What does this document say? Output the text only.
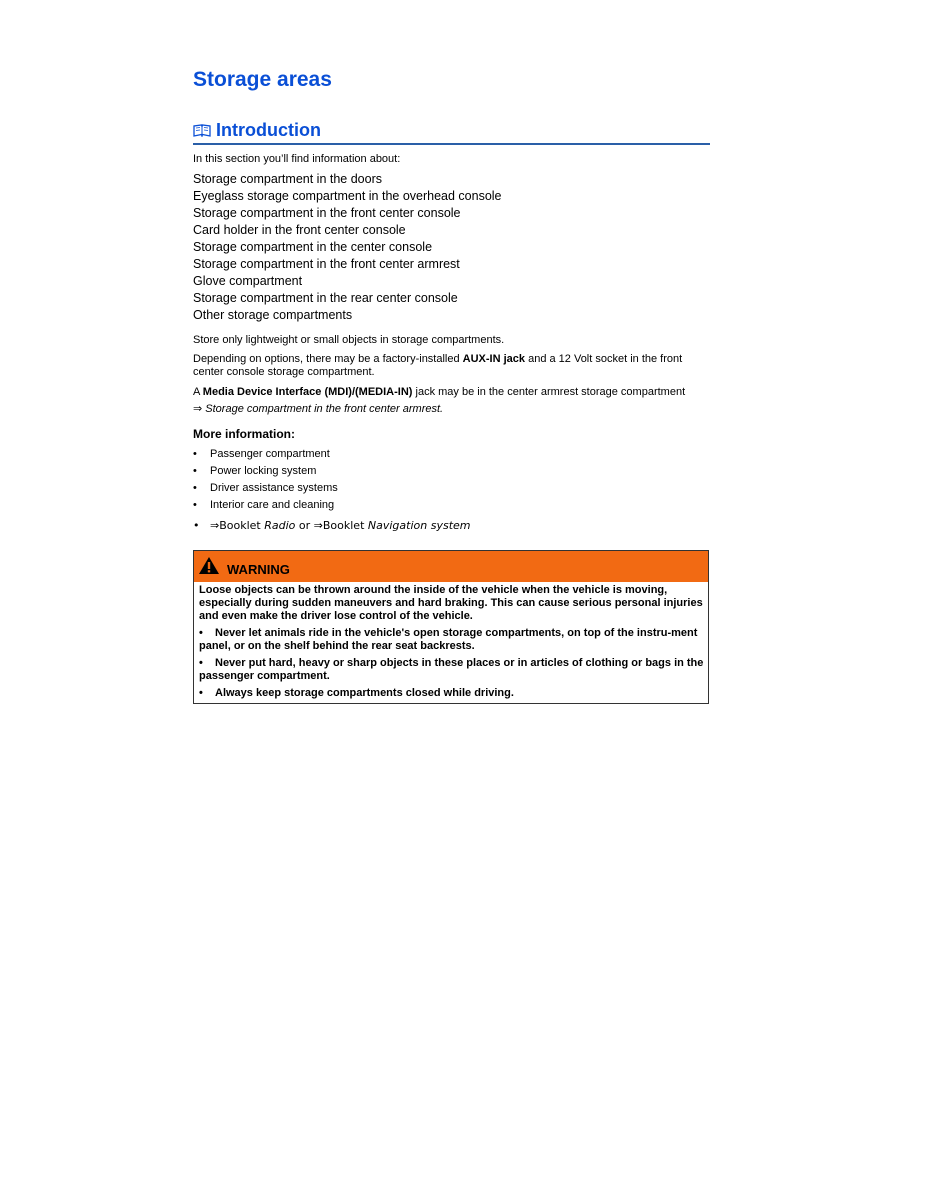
Storage areas
Introduction
In this section you’ll find information about:
Storage compartment in the doors
Eyeglass storage compartment in the overhead console
Storage compartment in the front center console
Card holder in the front center console
Storage compartment in the center console
Storage compartment in the front center armrest
Glove compartment
Storage compartment in the rear center console
Other storage compartments
Store only lightweight or small objects in storage compartments.
Depending on options, there may be a factory-installed AUX-IN jack and a 12 Volt socket in the front center console storage compartment.
A Media Device Interface (MDI)/(MEDIA-IN) jack may be in the center armrest storage compartment
⇒ Storage compartment in the front center armrest.
More information:
• Passenger compartment
• Power locking system
• Driver assistance systems
• Interior care and cleaning
• ⇒Booklet Radio or ⇒Booklet Navigation system
WARNING

Loose objects can be thrown around the inside of the vehicle when the vehicle is moving, especially during sudden maneuvers and hard braking. This can cause serious personal injuries and even make the driver lose control of the vehicle.

• Never let animals ride in the vehicle's open storage compartments, on top of the instru-ment panel, or on the shelf behind the rear seat backrests.

• Never put hard, heavy or sharp objects in these places or in articles of clothing or bags in the passenger compartment.

• Always keep storage compartments closed while driving.
